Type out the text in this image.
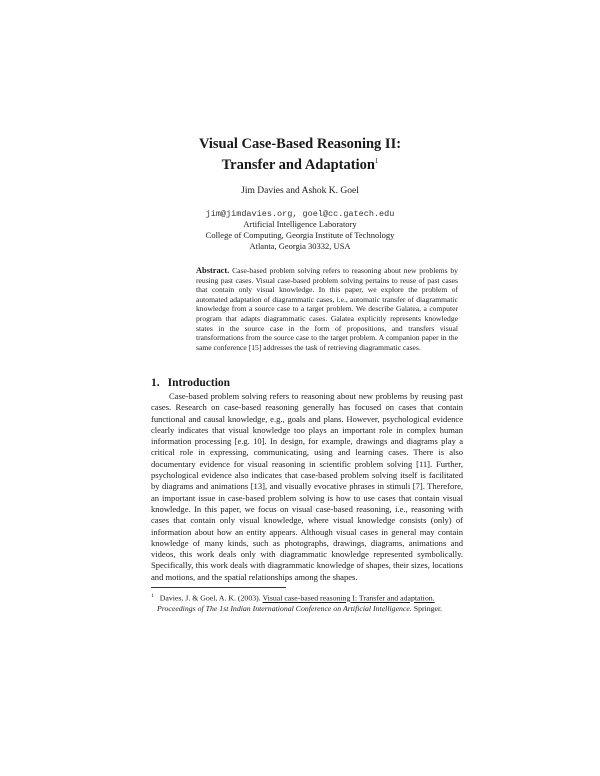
Visual Case-Based Reasoning II:
Transfer and Adaptation$^1$
Jim Davies and Ashok K. Goel
jim@jimdavies.org, goel@cc.gatech.edu
Artificial Intelligence Laboratory
College of Computing, Georgia Institute of Technology
Atlanta, Georgia 30332, USA
Abstract. Case-based problem solving refers to reasoning about new problems by reusing past cases. Visual case-based problem solving pertains to reuse of past cases that contain only visual knowledge. In this paper, we explore the problem of automated adaptation of diagrammatic cases, i.e., automatic transfer of diagrammatic knowledge from a source case to a target problem. We describe Galatea, a computer program that adapts diagrammatic cases. Galatea explicitly represents knowledge states in the source case in the form of propositions, and transfers visual transformations from the source case to the target problem. A companion paper in the same conference [15] addresses the task of retrieving diagrammatic cases.
1. Introduction
Case-based problem solving refers to reasoning about new problems by reusing past cases. Research on case-based reasoning generally has focused on cases that contain functional and causal knowledge, e.g., goals and plans. However, psychological evidence clearly indicates that visual knowledge too plays an important role in complex human information processing [e.g. 10]. In design, for example, drawings and diagrams play a critical role in expressing, communicating, using and learning cases. There is also documentary evidence for visual reasoning in scientific problem solving [11]. Further, psychological evidence also indicates that case-based problem solving itself is facilitated by diagrams and animations [13], and visually evocative phrases in stimuli [7]. Therefore, an important issue in case-based problem solving is how to use cases that contain visual knowledge. In this paper, we focus on visual case-based reasoning, i.e., reasoning with cases that contain only visual knowledge, where visual knowledge consists (only) of information about how an entity appears. Although visual cases in general may contain knowledge of many kinds, such as photographs, drawings, diagrams, animations and videos, this work deals only with diagrammatic knowledge represented symbolically. Specifically, this work deals with diagrammatic knowledge of shapes, their sizes, locations and motions, and the spatial relationships among the shapes.
$^1$ Davies, J. & Goel, A. K. (2003). Visual case-based reasoning I: Transfer and adaptation.
Proceedings of The 1st Indian International Conference on Artificial Intelligence. Springer.
